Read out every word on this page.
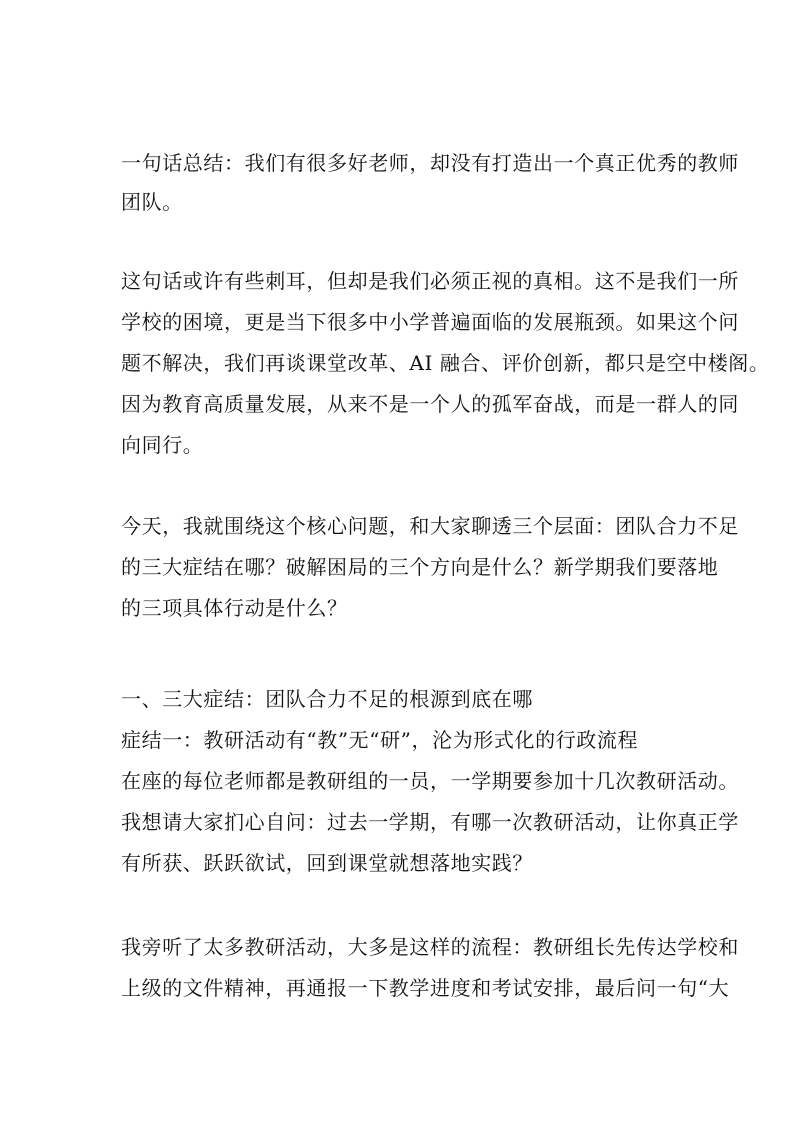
一句话总结：我们有很多好老师，却没有打造出一个真正优秀的教师
团队。
这句话或许有些刺耳，但却是我们必须正视的真相。这不是我们一所
学校的困境，更是当下很多中小学普遍面临的发展瓶颈。如果这个问
题不解决，我们再谈课堂改革、AI 融合、评价创新，都只是空中楼阁。
因为教育高质量发展，从来不是一个人的孤军奋战，而是一群人的同
向同行。
今天，我就围绕这个核心问题，和大家聊透三个层面：团队合力不足
的三大症结在哪？破解困局的三个方向是什么？新学期我们要落地
的三项具体行动是什么？
一、三大症结：团队合力不足的根源到底在哪
症结一：教研活动有“教”无“研”，沦为形式化的行政流程
在座的每位老师都是教研组的一员，一学期要参加十几次教研活动。
我想请大家扪心自问：过去一学期，有哪一次教研活动，让你真正学
有所获、跃跃欲试，回到课堂就想落地实践？
我旁听了太多教研活动，大多是这样的流程：教研组长先传达学校和
上级的文件精神，再通报一下教学进度和考试安排，最后问一句“大
